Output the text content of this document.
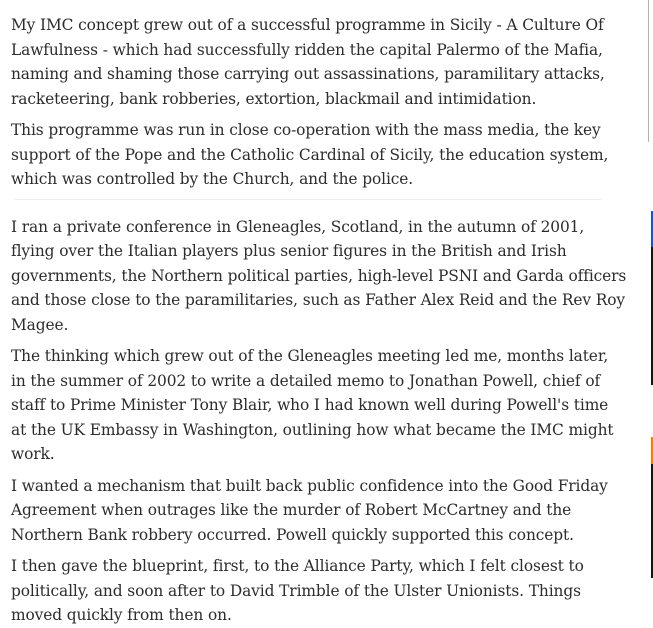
My IMC concept grew out of a successful programme in Sicily - A Culture Of Lawfulness - which had successfully ridden the capital Palermo of the Mafia, naming and shaming those carrying out assassinations, paramilitary attacks, racketeering, bank robberies, extortion, blackmail and intimidation.

This programme was run in close co-operation with the mass media, the key support of the Pope and the Catholic Cardinal of Sicily, the education system, which was controlled by the Church, and the police.

I ran a private conference in Gleneagles, Scotland, in the autumn of 2001, flying over the Italian players plus senior figures in the British and Irish governments, the Northern political parties, high-level PSNI and Garda officers and those close to the paramilitaries, such as Father Alex Reid and the Rev Roy Magee.

The thinking which grew out of the Gleneagles meeting led me, months later, in the summer of 2002 to write a detailed memo to Jonathan Powell, chief of staff to Prime Minister Tony Blair, who I had known well during Powell's time at the UK Embassy in Washington, outlining how what became the IMC might work.

I wanted a mechanism that built back public confidence into the Good Friday Agreement when outrages like the murder of Robert McCartney and the Northern Bank robbery occurred. Powell quickly supported this concept.

I then gave the blueprint, first, to the Alliance Party, which I felt closest to politically, and soon after to David Trimble of the Ulster Unionists. Things moved quickly from then on.
